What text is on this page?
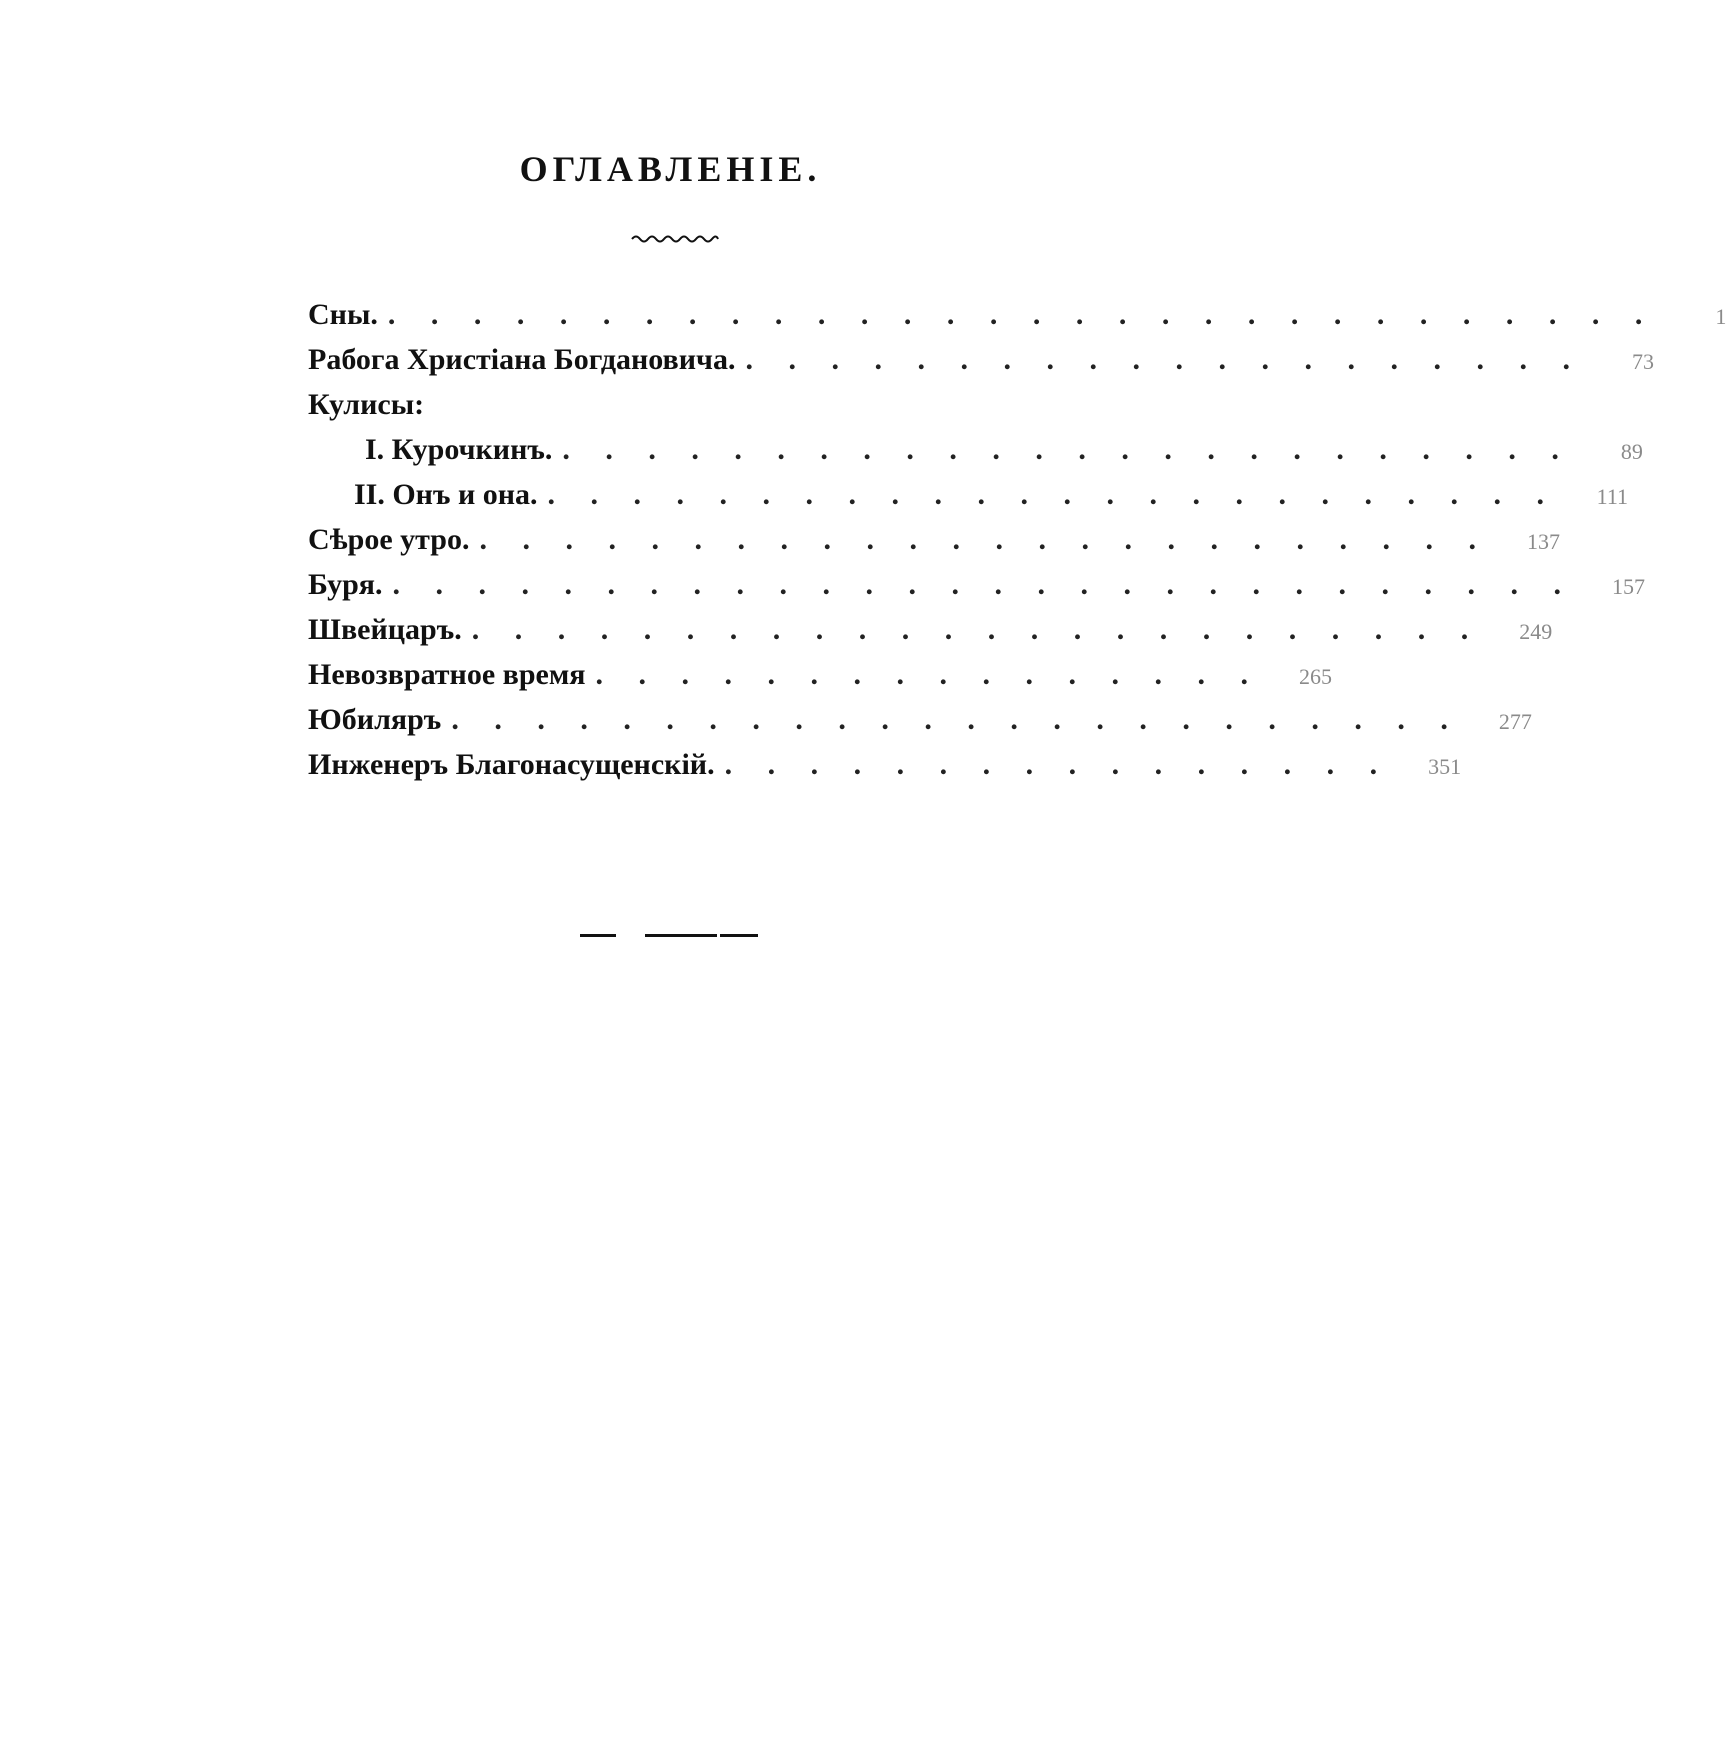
ОГЛАВЛЕНІЕ.
Сны. . . . . . . . . . . . . . . . . . . . . . . . . . . . . . .	1
Рабога Христіана Богдановича. . . . . . . . . . . . . . . . . . . . .	73
Кулисы:
I. Курочкинъ. . . . . . . . . . . . . . . . . . . . . . . . .	89
II. Онъ и она. . . . . . . . . . . . . . . . . . . . . . . . .	111
Сѣрое утро. . . . . . . . . . . . . . . . . . . . . . . . .	137
Буря. . . . . . . . . . . . . . . . . . . . . . . . . . . . .	157
Швейцаръ. . . . . . . . . . . . . . . . . . . . . . . . .	249
Невозвратное время . . . . . . . . . . . . . . . .	265
Юбиляръ . . . . . . . . . . . . . . . . . . . . . . . .	277
Инженеръ Благонасущенскій. . . . . . . . . . . . . . . . .	351
